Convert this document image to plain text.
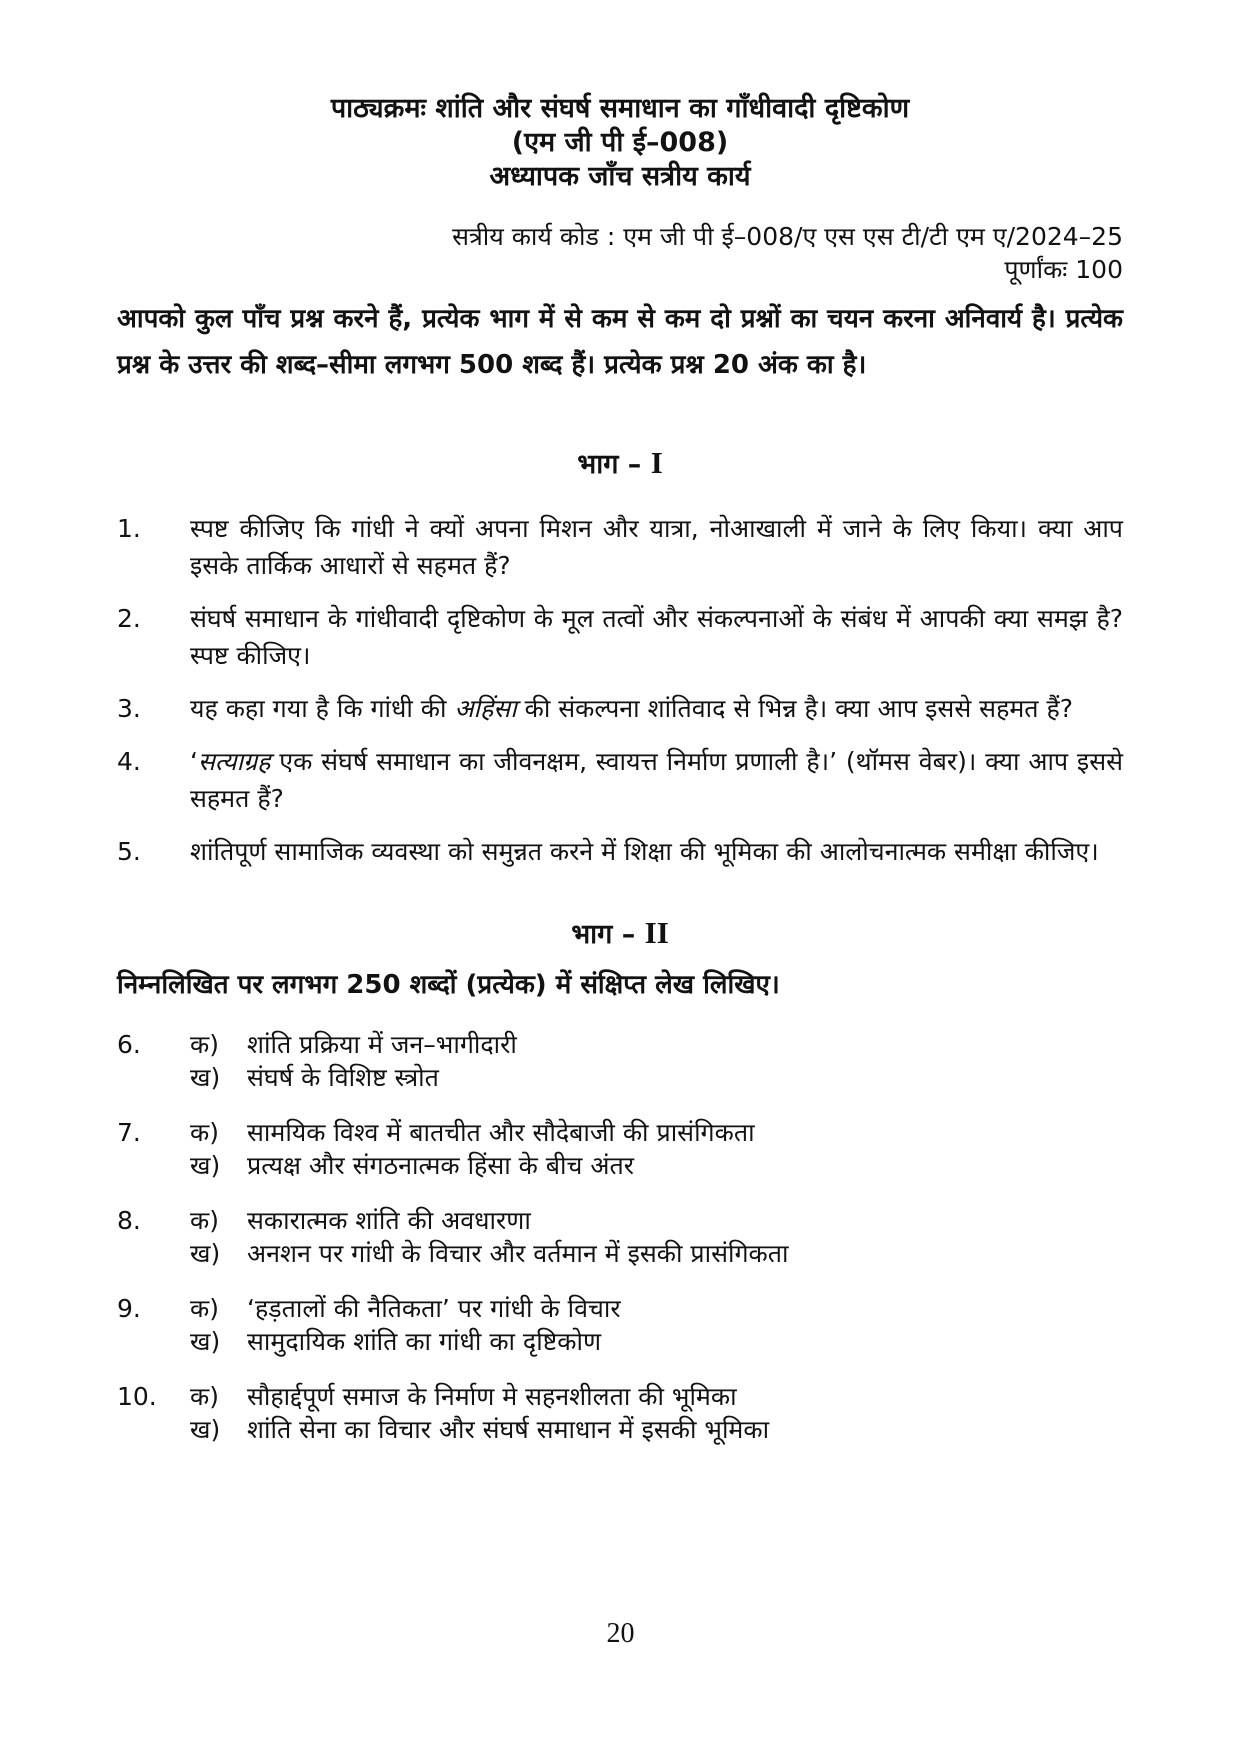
पाठ्यक्रमः शांति और संघर्ष समाधान का गाँधीवादी दृष्टिकोण
(एम जी पी ई–008)
अध्यापक जाँच सत्रीय कार्य
सत्रीय कार्य कोड : एम जी पी ई–008/ए एस एस टी/टी एम ए/2024–25
पूर्णांकः 100
आपको कुल पाँच प्रश्न करने हैं, प्रत्येक भाग में से कम से कम दो प्रश्नों का चयन करना अनिवार्य है। प्रत्येक प्रश्न के उत्तर की शब्द–सीमा लगभग 500 शब्द हैं। प्रत्येक प्रश्न 20 अंक का है।
भाग – I
1.	स्पष्ट कीजिए कि गांधी ने क्यों अपना मिशन और यात्रा, नोआखाली में जाने के लिए किया। क्या आप इसके तार्किक आधारों से सहमत हैं?
2.	संघर्ष समाधान के गांधीवादी दृष्टिकोण के मूल तत्वों और संकल्पनाओं के संबंध में आपकी क्या समझ है? स्पष्ट कीजिए।
3.	यह कहा गया है कि गांधी की अहिंसा की संकल्पना शांतिवाद से भिन्न है। क्या आप इससे सहमत हैं?
4.	‘सत्याग्रह एक संघर्ष समाधान का जीवनक्षम, स्वायत्त निर्माण प्रणाली है।’ (थॉमस वेबर)। क्या आप इससे सहमत हैं?
5.	शांतिपूर्ण सामाजिक व्यवस्था को समुन्नत करने में शिक्षा की भूमिका की आलोचनात्मक समीक्षा कीजिए।
भाग – II
निम्नलिखित पर लगभग 250 शब्दों (प्रत्येक) में संक्षिप्त लेख लिखिए।
6.	क)	शांति प्रक्रिया में जन–भागीदारी
ख)	संघर्ष के विशिष्ट स्त्रोत
7.	क)	सामयिक विश्व में बातचीत और सौदेबाजी की प्रासंगिकता
ख)	प्रत्यक्ष और संगठनात्मक हिंसा के बीच अंतर
8.	क)	सकारात्मक शांति की अवधारणा
ख)	अनशन पर गांधी के विचार और वर्तमान में इसकी प्रासंगिकता
9.	क)	‘हड़तालों की नैतिकता’ पर गांधी के विचार
ख)	सामुदायिक शांति का गांधी का दृष्टिकोण
10.	क)	सौहार्द्दपूर्ण समाज के निर्माण मे सहनशीलता की भूमिका
ख)	शांति सेना का विचार और संघर्ष समाधान में इसकी भूमिका
20
